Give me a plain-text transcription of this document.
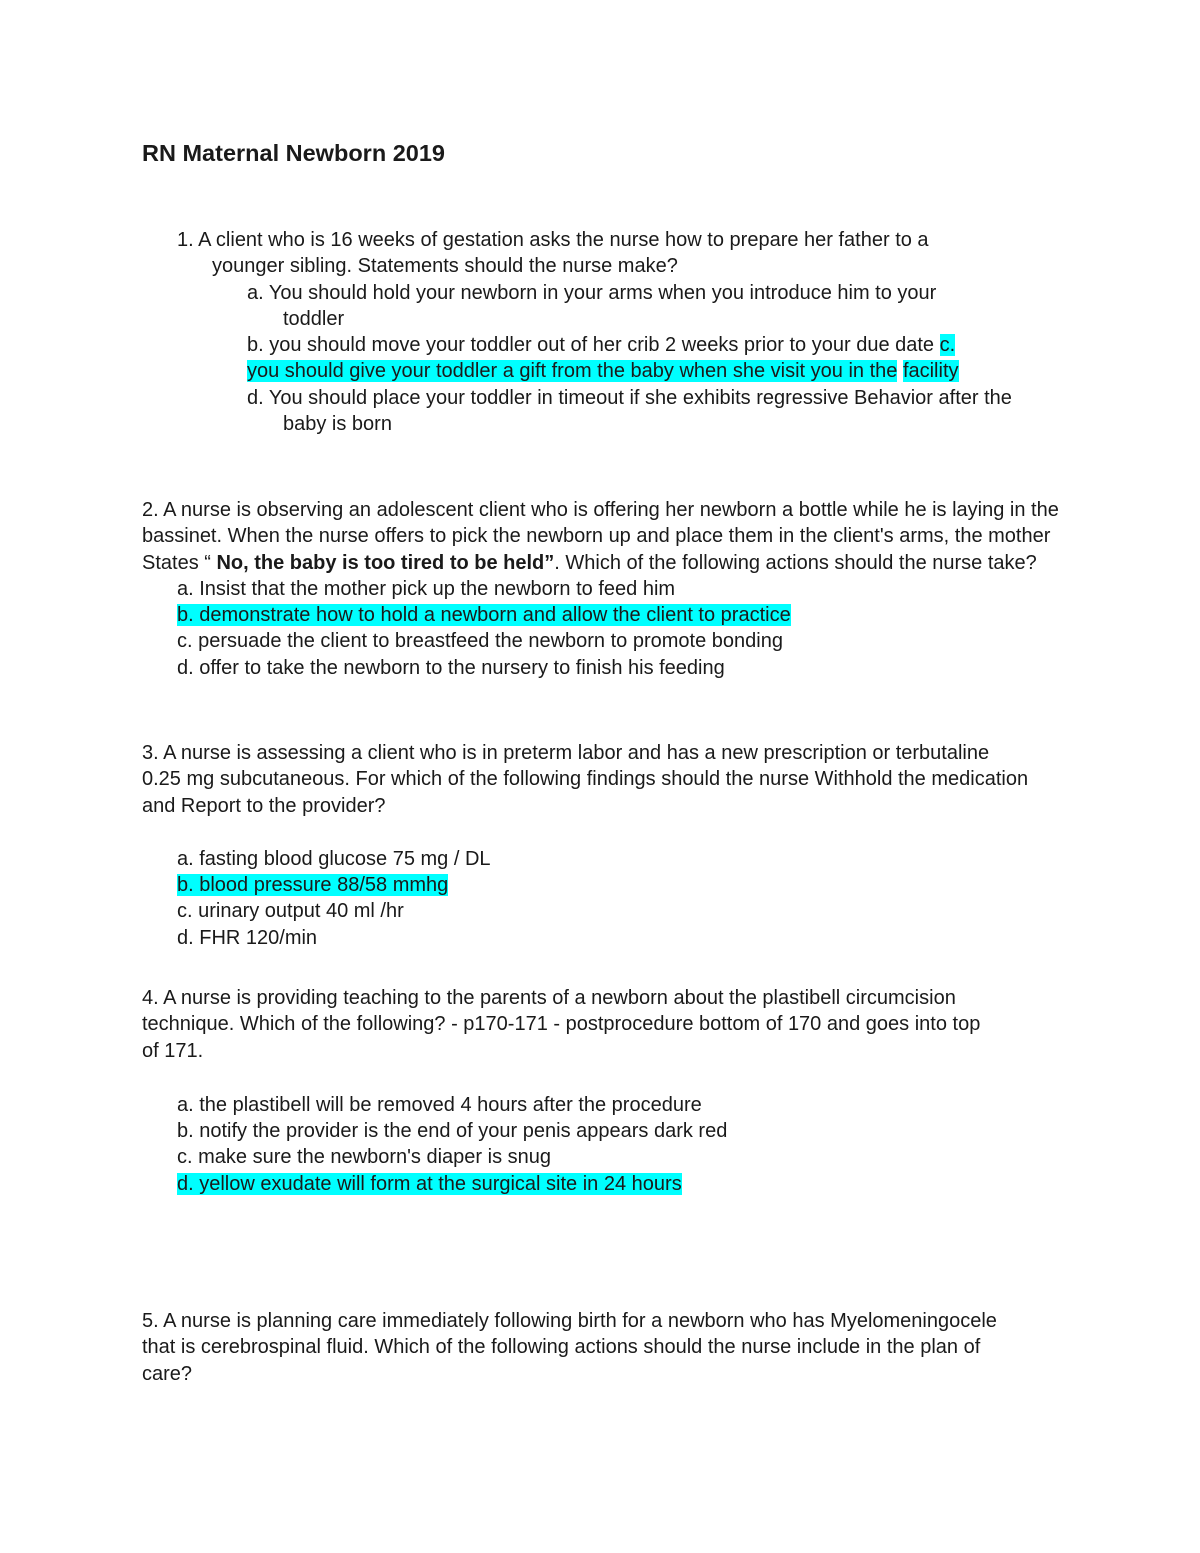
RN Maternal Newborn 2019
1. A client who is 16 weeks of gestation asks the nurse how to prepare her father to a
younger sibling. Statements should the nurse make?
a. You should hold your newborn in your arms when you introduce him to your
toddler
b. you should move your toddler out of her crib 2 weeks prior to your due date c.
you should give your toddler a gift from the baby when she visit you in the facility
d. You should place your toddler in timeout if she exhibits regressive Behavior after the
baby is born
2. A nurse is observing an adolescent client who is offering her newborn a bottle while he is laying in the bassinet. When the nurse offers to pick the newborn up and place them in the client's arms, the mother States “ No, the baby is too tired to be held”. Which of the following actions should the nurse take?
a. Insist that the mother pick up the newborn to feed him
b. demonstrate how to hold a newborn and allow the client to practice
c. persuade the client to breastfeed the newborn to promote bonding
d. offer to take the newborn to the nursery to finish his feeding
3. A nurse is assessing a client who is in preterm labor and has a new prescription or terbutaline
0.25 mg subcutaneous. For which of the following findings should the nurse Withhold the medication
and Report to the provider?
a. fasting blood glucose 75 mg / DL
b. blood pressure 88/58 mmhg
c. urinary output 40 ml /hr
d. FHR 120/min
4. A nurse is providing teaching to the parents of a newborn about the plastibell circumcision
technique. Which of the following? - p170-171 - postprocedure bottom of 170 and goes into top
of 171.
a. the plastibell will be removed 4 hours after the procedure
b. notify the provider is the end of your penis appears dark red
c. make sure the newborn's diaper is snug
d. yellow exudate will form at the surgical site in 24 hours
5. A nurse is planning care immediately following birth for a newborn who has Myelomeningocele
that is cerebrospinal fluid. Which of the following actions should the nurse include in the plan of
care?
